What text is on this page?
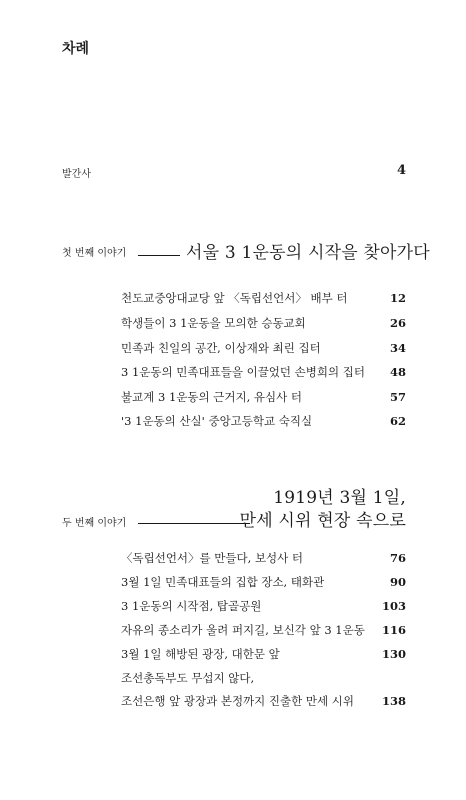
차례
발간사	4
첫 번째 이야기	서울 3 1운동의 시작을 찾아가다
천도교중앙대교당 앞 〈독립선언서〉 배부 터	12
학생들이 3 1운동을 모의한 승동교회	26
민족과 친일의 공간, 이상재와 최린 집터	34
3 1운동의 민족대표들을 이끌었던 손병희의 집터 48
불교계 3 1운동의 근거지, 유심사 터	57
'3 1운동의 산실' 중앙고등학교 숙직실	62
1919년 3월 1일,
두 번째 이야기	만세 시위 현장 속으로
〈독립선언서〉를 만들다, 보성사 터	76
3월 1일 민족대표들의 집합 장소, 태화관	90
3 1운동의 시작점, 탑골공원	103
자유의 종소리가 울려 퍼지길, 보신각 앞 3 1운동 116
3월 1일 해방된 광장, 대한문 앞	130
조선총독부도 무섭지 않다,
조선은행 앞 광장과 본정까지 진출한 만세 시위 138
